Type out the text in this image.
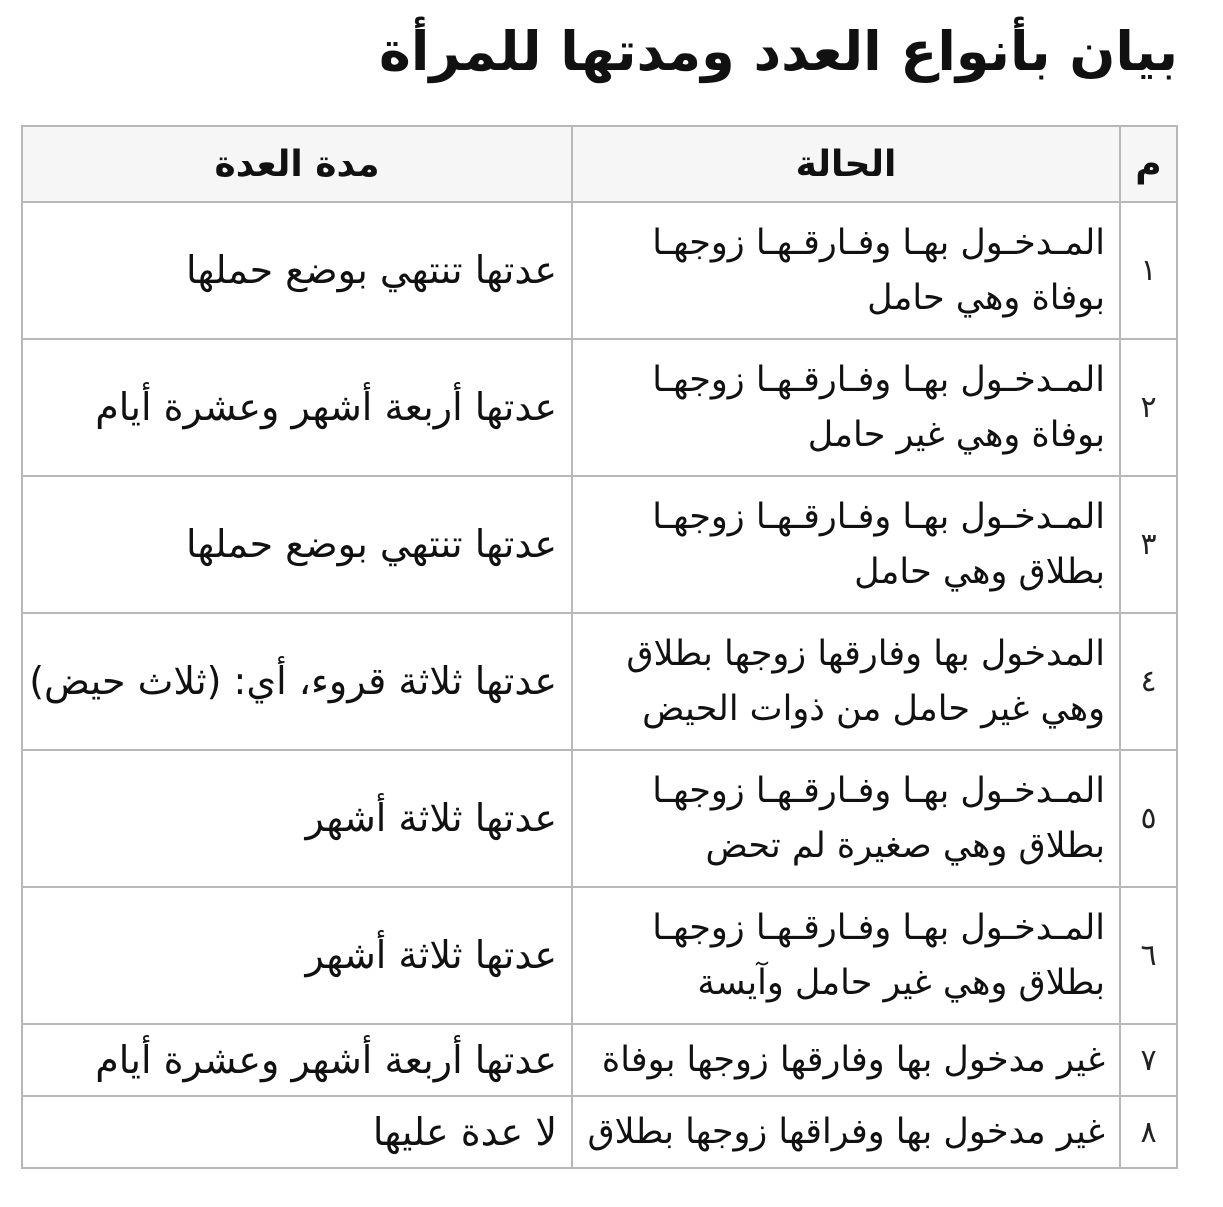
بيان بأنواع العدد ومدتها للمرأة
م	الحالة	مدة العدة
١	المـدخـول بهـا وفـارقـهـا زوجهـا بوفاة وهي حامل	عدتها تنتهي بوضع حملها
٢	المـدخـول بهـا وفـارقـهـا زوجهـا بوفاة وهي غير حامل	عدتها أربعة أشهر وعشرة أيام
٣	المـدخـول بهـا وفـارقـهـا زوجهـا بطلاق وهي حامل	عدتها تنتهي بوضع حملها
٤	المدخول بها وفارقها زوجها بطلاق وهي غير حامل من ذوات الحيض	عدتها ثلاثة قروء، أي: (ثلاث حيض)
٥	المـدخـول بهـا وفـارقـهـا زوجهـا بطلاق وهي صغيرة لم تحض	عدتها ثلاثة أشهر
٦	المـدخـول بهـا وفـارقـهـا زوجهـا بطلاق وهي غير حامل وآيسة	عدتها ثلاثة أشهر
٧	غير مدخول بها وفارقها زوجها بوفاة	عدتها أربعة أشهر وعشرة أيام
٨	غير مدخول بها وفراقها زوجها بطلاق	لا عدة عليها
